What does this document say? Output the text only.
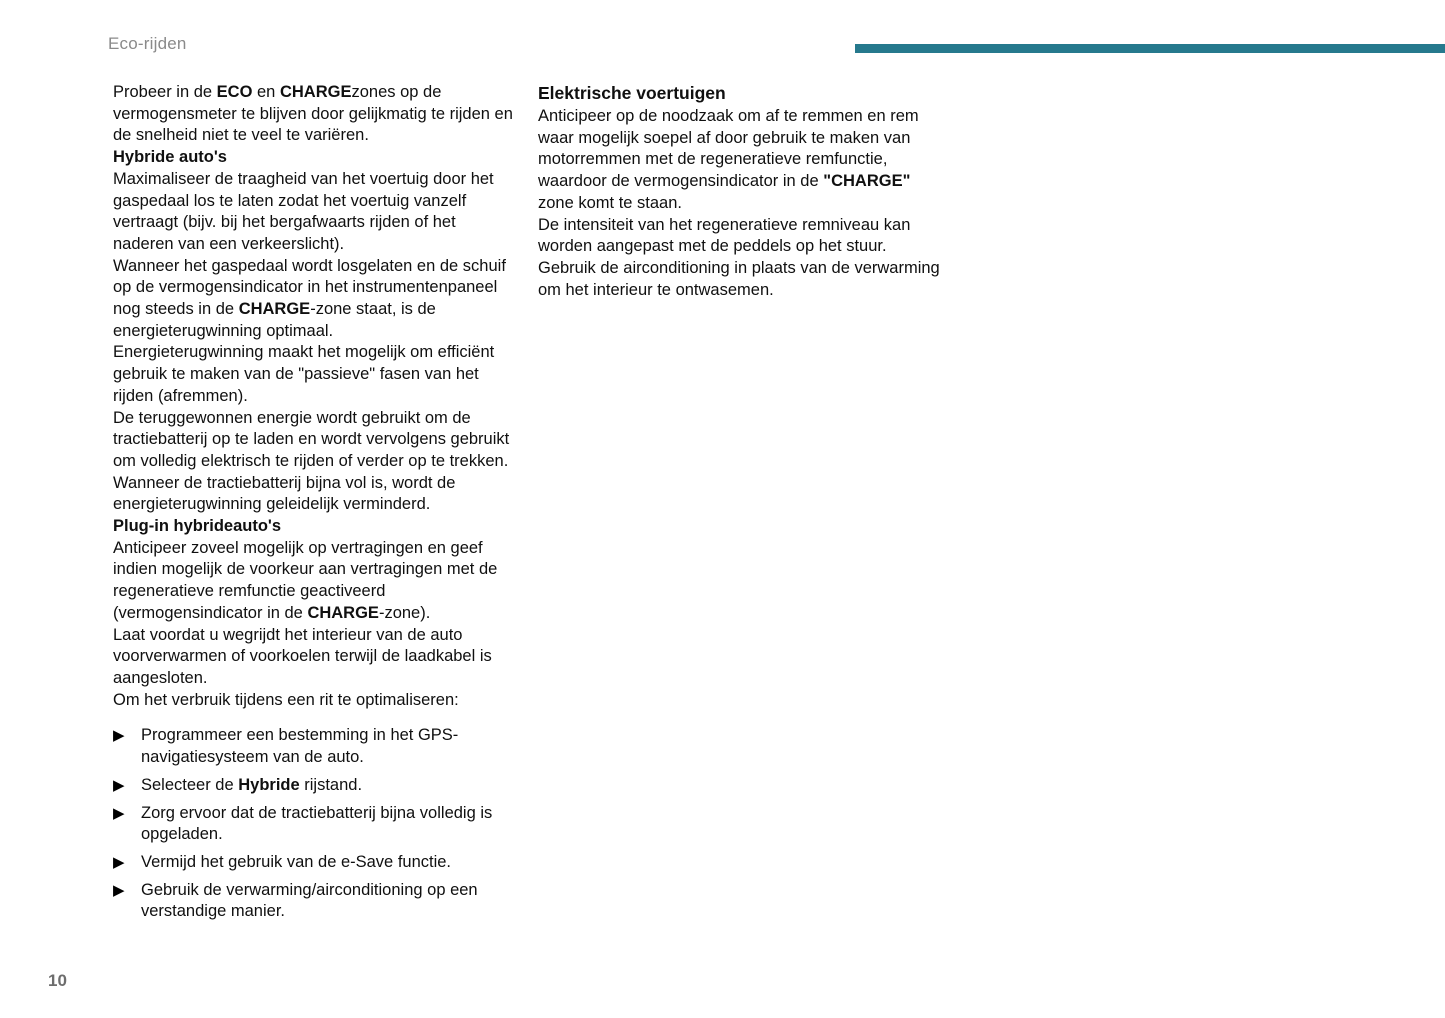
Eco-rijden
Probeer in de ECO en CHARGEzones op de vermogensmeter te blijven door gelijkmatig te rijden en de snelheid niet te veel te variëren.
Hybride auto's
Maximaliseer de traagheid van het voertuig door het gaspedaal los te laten zodat het voertuig vanzelf vertraagt (bijv. bij het bergafwaarts rijden of het naderen van een verkeerslicht).
Wanneer het gaspedaal wordt losgelaten en de schuif op de vermogensindicator in het instrumentenpaneel nog steeds in de CHARGE-zone staat, is de energieterugwinning optimaal.
Energieterugwinning maakt het mogelijk om efficiënt gebruik te maken van de "passieve" fasen van het rijden (afremmen).
De teruggewonnen energie wordt gebruikt om de tractiebatterij op te laden en wordt vervolgens gebruikt om volledig elektrisch te rijden of verder op te trekken.
Wanneer de tractiebatterij bijna vol is, wordt de energieterugwinning geleidelijk verminderd.
Plug-in hybrideauto's
Anticipeer zoveel mogelijk op vertragingen en geef indien mogelijk de voorkeur aan vertragingen met de regeneratieve remfunctie geactiveerd (vermogensindicator in de CHARGE-zone).
Laat voordat u wegrijdt het interieur van de auto voorverwarmen of voorkoelen terwijl de laadkabel is aangesloten.
Om het verbruik tijdens een rit te optimaliseren:
▶ Programmeer een bestemming in het GPS-navigatiesysteem van de auto.
▶ Selecteer de Hybride rijstand.
▶ Zorg ervoor dat de tractiebatterij bijna volledig is opgeladen.
▶ Vermijd het gebruik van de e-Save functie.
▶ Gebruik de verwarming/airconditioning op een verstandige manier.
Elektrische voertuigen
Anticipeer op de noodzaak om af te remmen en rem waar mogelijk soepel af door gebruik te maken van motorremmen met de regeneratieve remfunctie, waardoor de vermogensindicator in de "CHARGE" zone komt te staan.
De intensiteit van het regeneratieve remniveau kan worden aangepast met de peddels op het stuur.
Gebruik de airconditioning in plaats van de verwarming om het interieur te ontwasemen.
10
